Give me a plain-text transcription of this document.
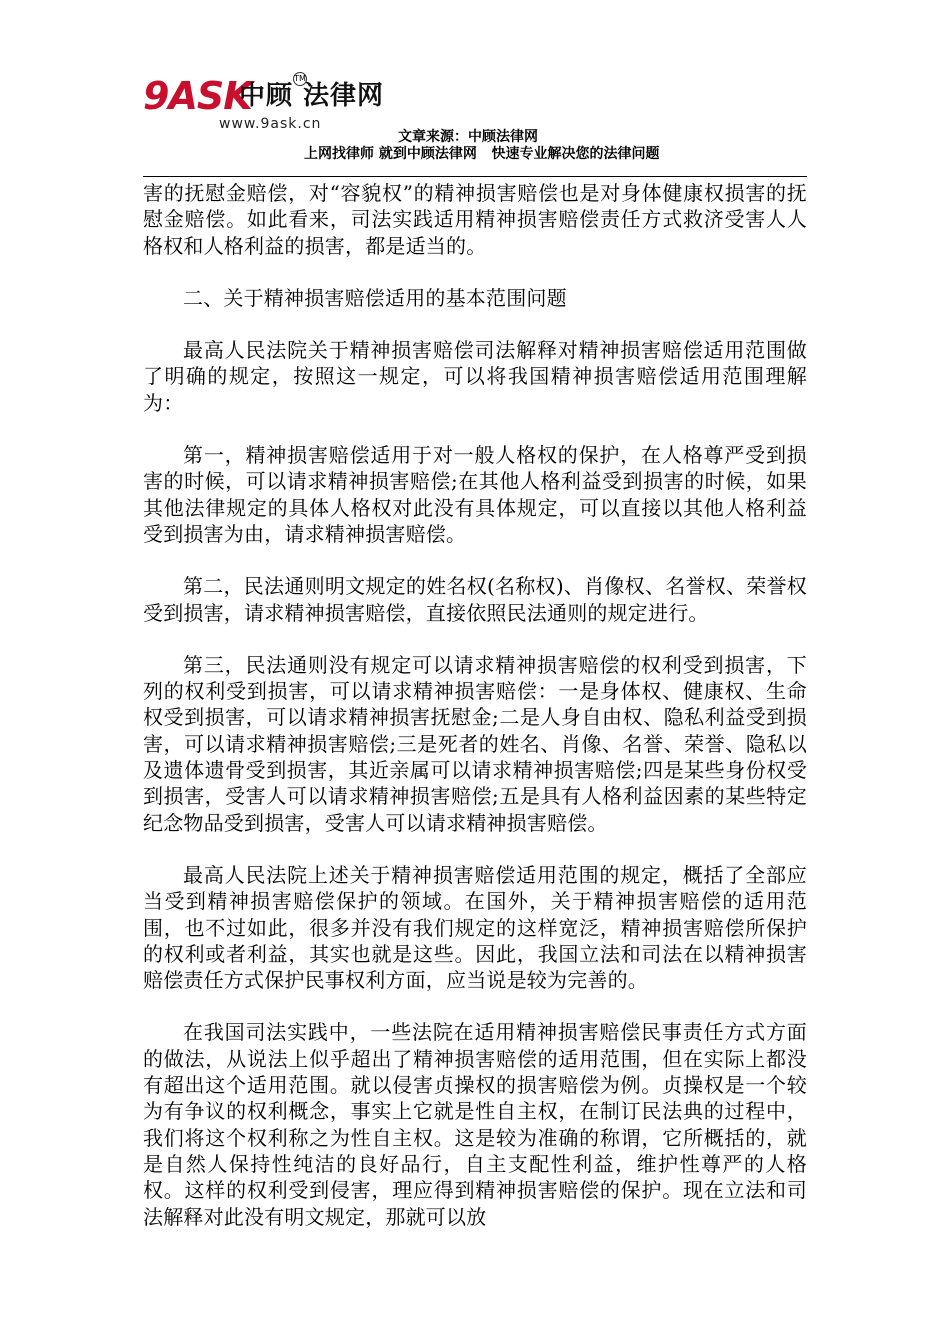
9ASK
中顾 法律网
TM
www.9ask.cn
文章来源：中顾法律网
上网找律师 就到中顾法律网   快速专业解决您的法律问题

害的抚慰金赔偿，对“容貌权”的精神损害赔偿也是对身体健康权损害的抚慰金赔偿。如此看来，司法实践适用精神损害赔偿责任方式救济受害人人格权和人格利益的损害，都是适当的。

二、关于精神损害赔偿适用的基本范围问题

最高人民法院关于精神损害赔偿司法解释对精神损害赔偿适用范围做了明确的规定，按照这一规定，可以将我国精神损害赔偿适用范围理解为：

第一，精神损害赔偿适用于对一般人格权的保护，在人格尊严受到损害的时候，可以请求精神损害赔偿;在其他人格利益受到损害的时候，如果其他法律规定的具体人格权对此没有具体规定，可以直接以其他人格利益受到损害为由，请求精神损害赔偿。

第二，民法通则明文规定的姓名权(名称权)、肖像权、名誉权、荣誉权受到损害，请求精神损害赔偿，直接依照民法通则的规定进行。

第三，民法通则没有规定可以请求精神损害赔偿的权利受到损害，下列的权利受到损害，可以请求精神损害赔偿：一是身体权、健康权、生命权受到损害，可以请求精神损害抚慰金;二是人身自由权、隐私利益受到损害，可以请求精神损害赔偿;三是死者的姓名、肖像、名誉、荣誉、隐私以及遗体遗骨受到损害，其近亲属可以请求精神损害赔偿;四是某些身份权受到损害，受害人可以请求精神损害赔偿;五是具有人格利益因素的某些特定纪念物品受到损害，受害人可以请求精神损害赔偿。

最高人民法院上述关于精神损害赔偿适用范围的规定，概括了全部应当受到精神损害赔偿保护的领域。在国外，关于精神损害赔偿的适用范围，也不过如此，很多并没有我们规定的这样宽泛，精神损害赔偿所保护的权利或者利益，其实也就是这些。因此，我国立法和司法在以精神损害赔偿责任方式保护民事权利方面，应当说是较为完善的。

在我国司法实践中，一些法院在适用精神损害赔偿民事责任方式方面的做法，从说法上似乎超出了精神损害赔偿的适用范围，但在实际上都没有超出这个适用范围。就以侵害贞操权的损害赔偿为例。贞操权是一个较为有争议的权利概念，事实上它就是性自主权，在制订民法典的过程中，我们将这个权利称之为性自主权。这是较为准确的称谓，它所概括的，就是自然人保持性纯洁的良好品行，自主支配性利益，维护性尊严的人格权。这样的权利受到侵害，理应得到精神损害赔偿的保护。现在立法和司法解释对此没有明文规定，那就可以放
